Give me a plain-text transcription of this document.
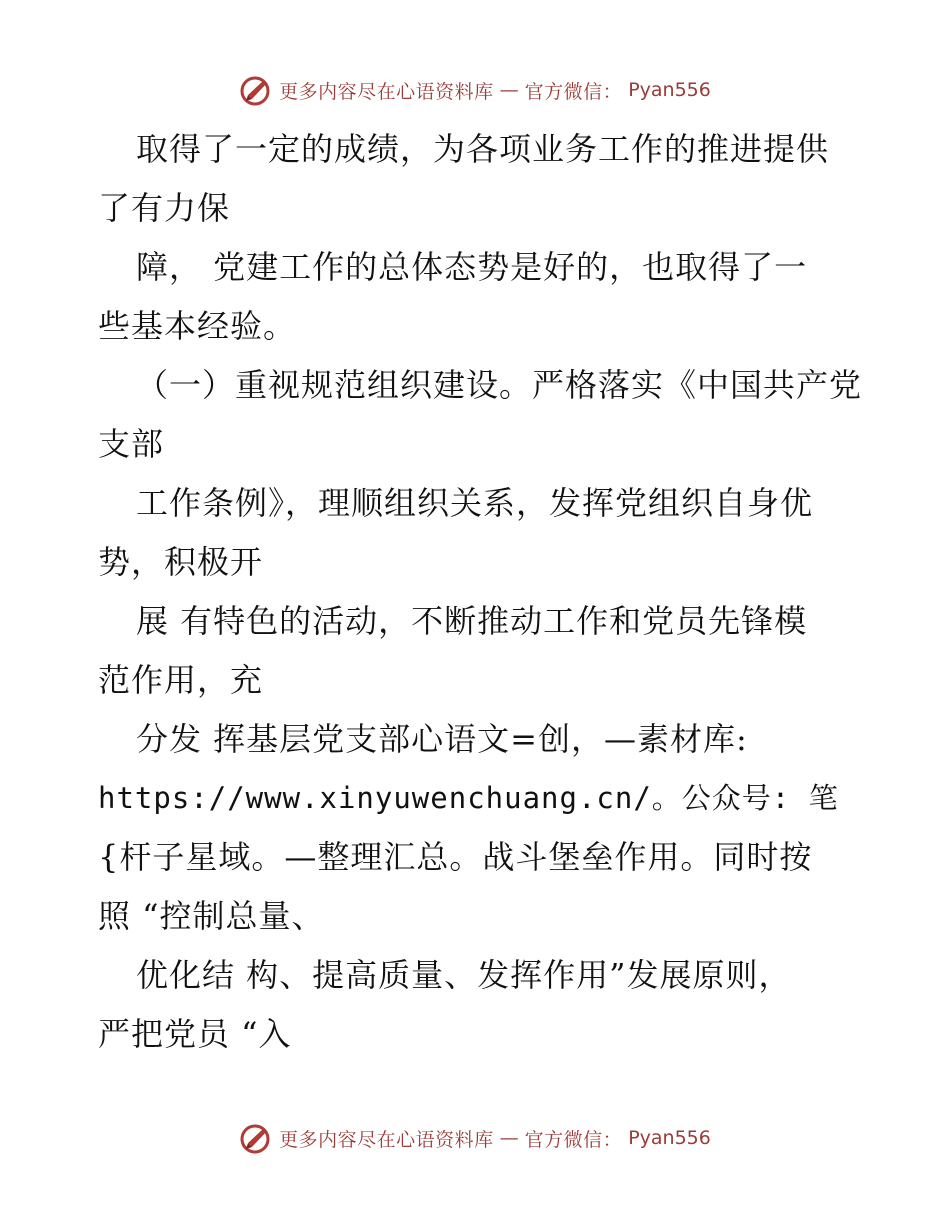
更多内容尽在心语资料库 — 官方微信： Pyan556
取得了一定的成绩，为各项业务工作的推进提供
了有力保
障， 党建工作的总体态势是好的，也取得了一
些基本经验。
（一）重视规范组织建设。严格落实《中国共产党
支部
工作条例》，理顺组织关系，发挥党组织自身优
势，积极开
展 有特色的活动，不断推动工作和党员先锋模
范作用，充
分发 挥基层党支部心语文=创，—素材库:
https://www.xinyuwenchuang.cn/。公众号: 笔
{杆子星域。—整理汇总。战斗堡垒作用。同时按
照 “控制总量、
优化结 构、提高质量、发挥作用”发展原则，
严把党员 “入
更多内容尽在心语资料库 — 官方微信： Pyan556
